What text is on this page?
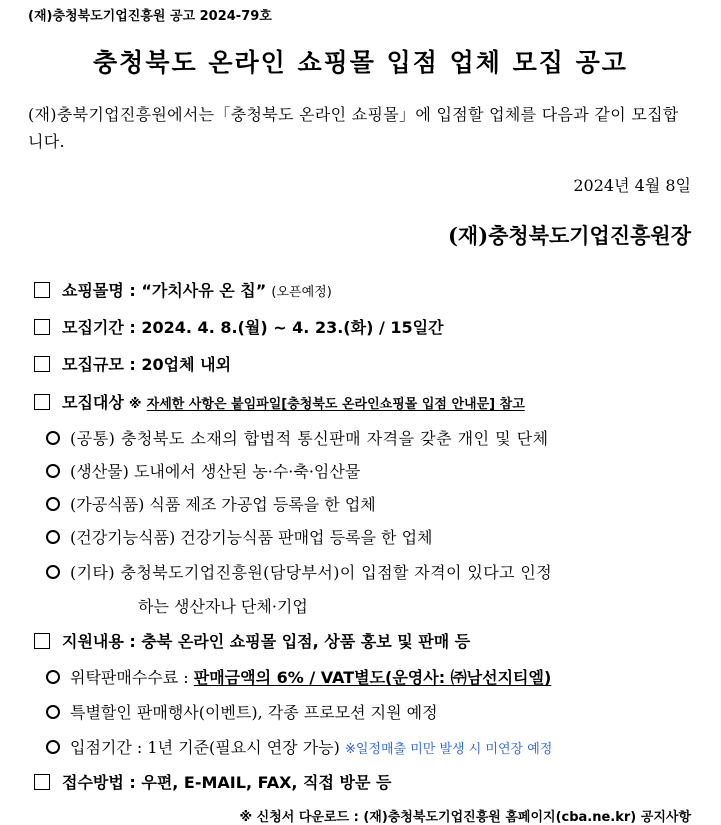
(재)충청북도기업진흥원 공고 2024-79호
충청북도 온라인 쇼핑몰 입점 업체 모집 공고
(재)충북기업진흥원에서는「충청북도 온라인 쇼핑몰」에 입점할 업체를 다음과 같이 모집합니다.
2024년 4월 8일
(재)충청북도기업진흥원장
쇼핑몰명 : “가치사유 온 칩” (오픈예정)
모집기간 : 2024. 4. 8.(월) ~ 4. 23.(화) / 15일간
모집규모 : 20업체 내외
모집대상 ※ 자세한 사항은 붙임파일[충청북도 온라인쇼핑몰 입점 안내문] 참고
(공통) 충청북도 소재의 합법적 통신판매 자격을 갖춘 개인 및 단체
(생산물) 도내에서 생산된 농·수·축·임산물
(가공식품) 식품 제조 가공업 등록을 한 업체
(건강기능식품) 건강기능식품 판매업 등록을 한 업체
(기타) 충청북도기업진흥원(담당부서)이 입점할 자격이 있다고 인정
하는 생산자나 단체·기업
지원내용 : 충북 온라인 쇼핑몰 입점, 상품 홍보 및 판매 등
위탁판매수수료 : 판매금액의 6% / VAT별도(운영사: ㈜남선지티엘)
특별할인 판매행사(이벤트), 각종 프로모션 지원 예정
입점기간 : 1년 기준(필요시 연장 가능) ※일정매출 미만 발생 시 미연장 예정
접수방법 : 우편, E-MAIL, FAX, 직접 방문 등
※ 신청서 다운로드 : (재)충청북도기업진흥원 홈페이지(cba.ne.kr) 공지사항
